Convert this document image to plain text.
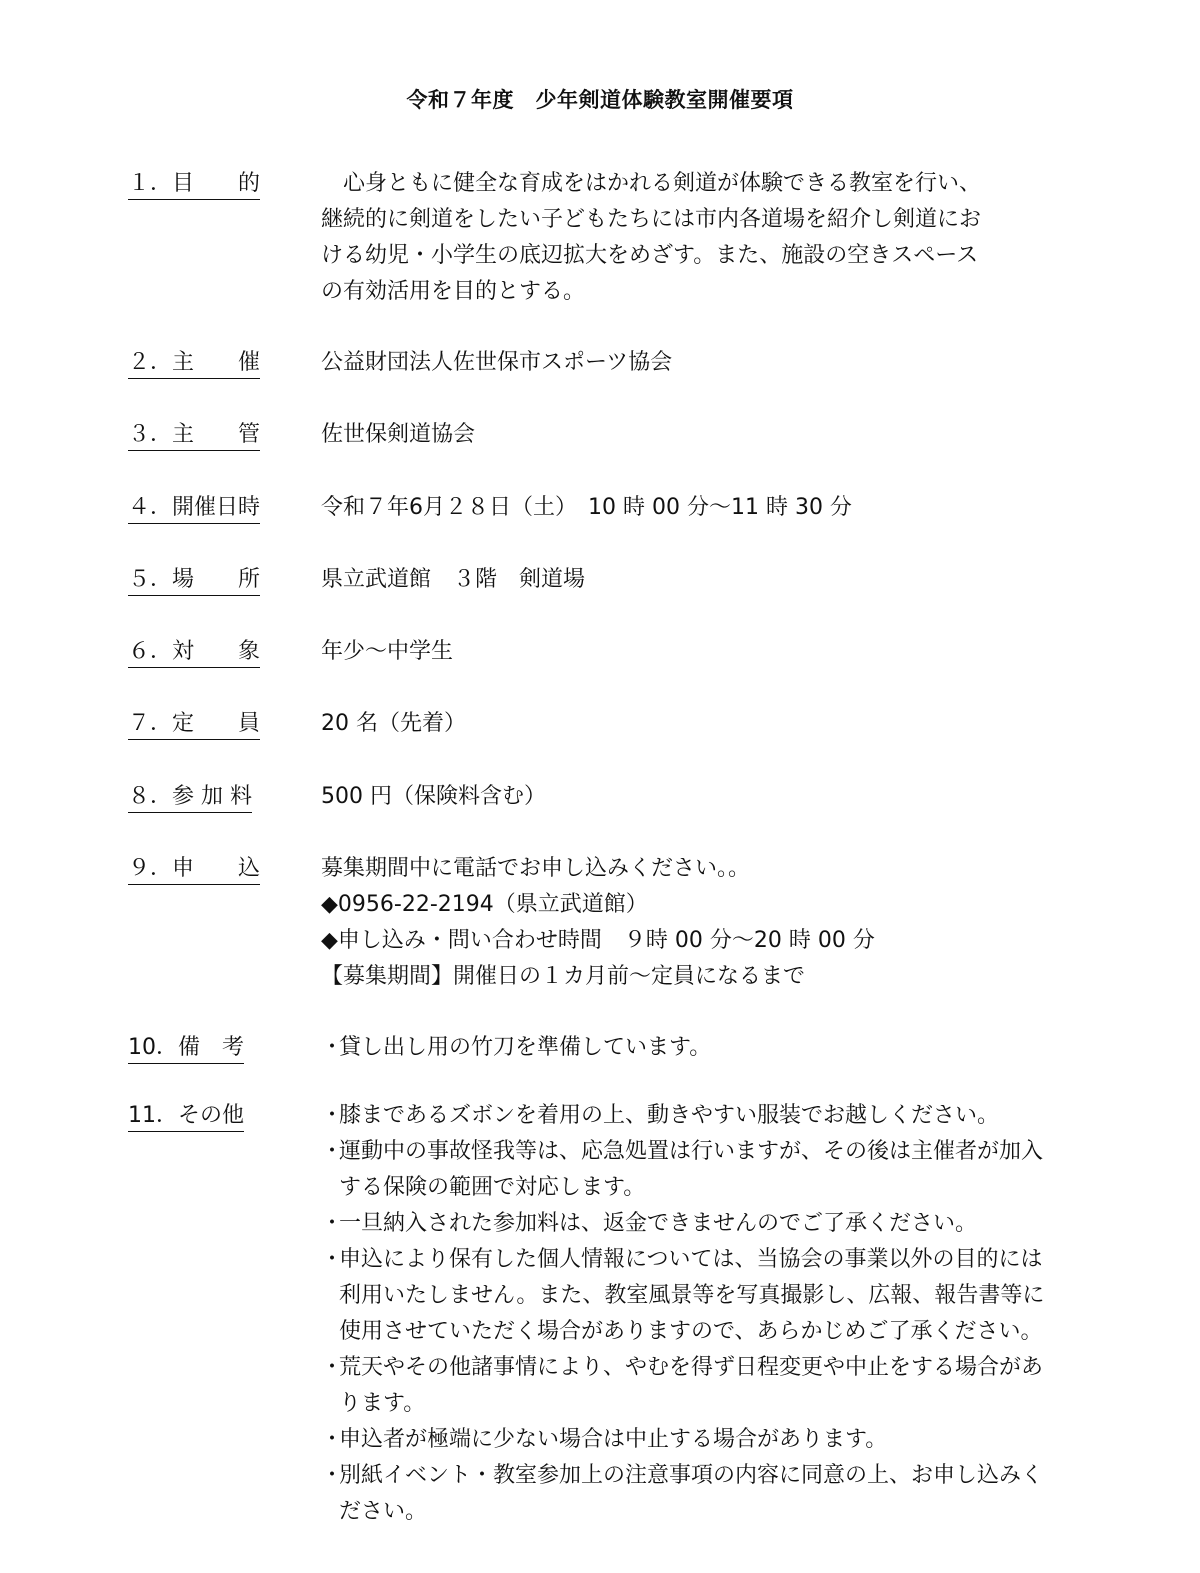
令和７年度　少年剣道体験教室開催要項
１．目　　的	　心身ともに健全な育成をはかれる剣道が体験できる教室を行い、
継続的に剣道をしたい子どもたちには市内各道場を紹介し剣道にお
ける幼児・小学生の底辺拡大をめざす。また、施設の空きスペース
の有効活用を目的とする。
２．主　　催	公益財団法人佐世保市スポーツ協会
３．主　　管	佐世保剣道協会
４．開催日時	令和７年6月２８日（土）　10 時 00 分～11 時 30 分
５．場　　所	県立武道館　３階　剣道場
６．対　　象	年少～中学生
７．定　　員	20 名（先着）
８．参 加 料	500 円（保険料含む）
９．申　　込	募集期間中に電話でお申し込みください。。
◆0956-22-2194（県立武道館）
◆申し込み・問い合わせ時間　９時 00 分～20 時 00 分
【募集期間】開催日の１カ月前～定員になるまで
10．備　考	・
貸し出し用の竹刀を準備しています。
11．その他	・
膝まであるズボンを着用の上、動きやすい服装でお越しください。
・
運動中の事故怪我等は、応急処置は行いますが、その後は主催者が加入
する保険の範囲で対応します。
・
一旦納入された参加料は、返金できませんのでご了承ください。
・
申込により保有した個人情報については、当協会の事業以外の目的には
利用いたしません。また、教室風景等を写真撮影し、広報、報告書等に
使用させていただく場合がありますので、あらかじめご了承ください。
・
荒天やその他諸事情により、やむを得ず日程変更や中止をする場合があ
ります。
・
申込者が極端に少ない場合は中止する場合があります。
・
別紙イベント・教室参加上の注意事項の内容に同意の上、お申し込みく
ださい。
